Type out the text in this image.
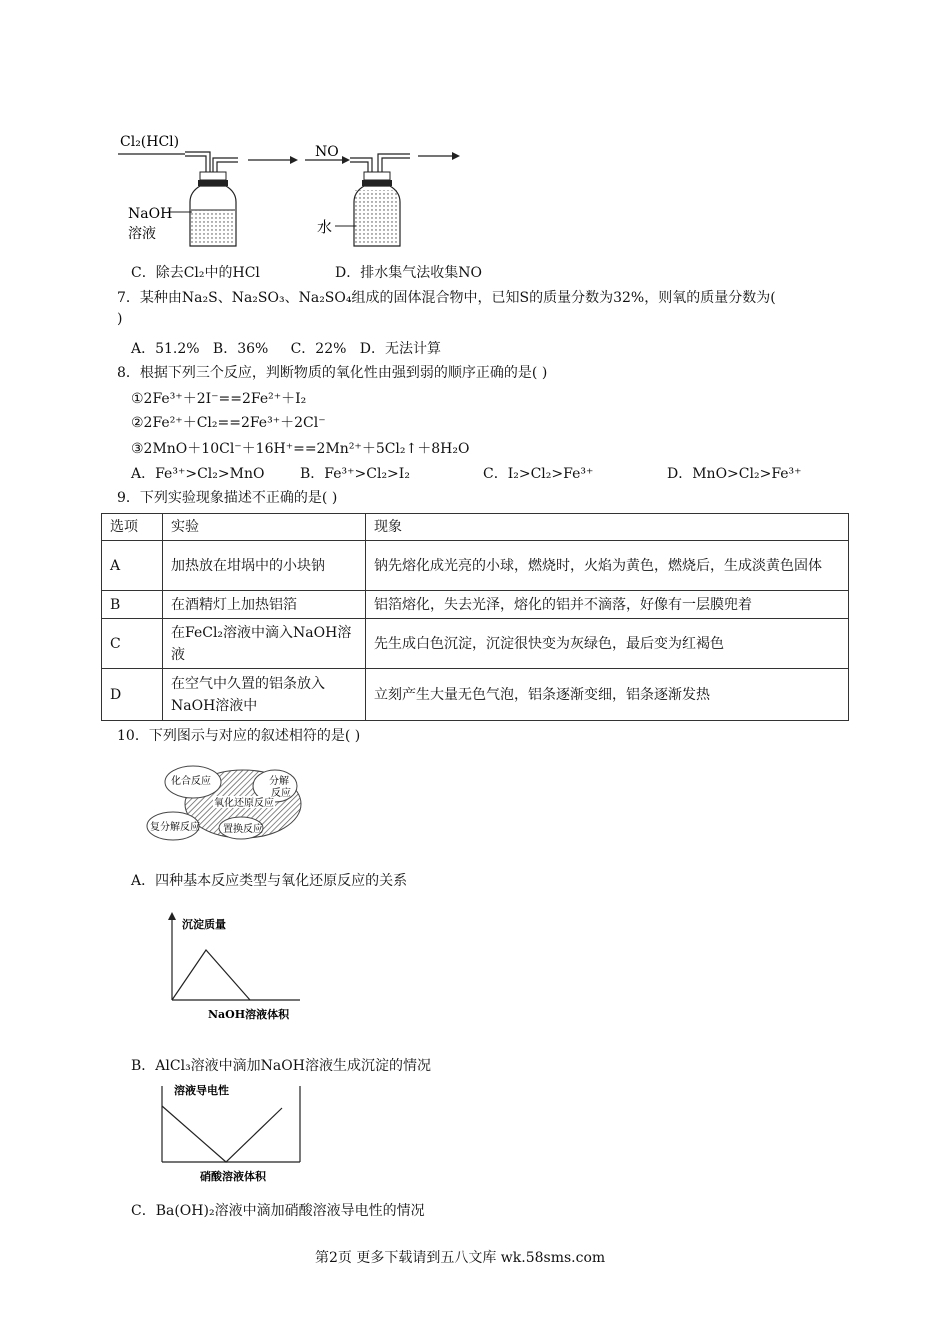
Cl₂(HCl)
NaOH
溶液
NO
水
C．除去Cl₂中的HCl	D．排水集气法收集NO
7．某种由Na₂S、Na₂SO₃、Na₂SO₄组成的固体混合物中，已知S的质量分数为32%，则氧的质量分数为(
)
A．51.2%   B．36%     C．22%   D．无法计算
8．根据下列三个反应，判断物质的氧化性由强到弱的顺序正确的是( )
①2Fe³⁺＋2I⁻==2Fe²⁺＋I₂
②2Fe²⁺＋Cl₂==2Fe³⁺＋2Cl⁻
③2MnO＋10Cl⁻＋16H⁺==2Mn²⁺＋5Cl₂↑＋8H₂O
A．Fe³⁺>Cl₂>MnO	B．Fe³⁺>Cl₂>I₂	C．I₂>Cl₂>Fe³⁺	D．MnO>Cl₂>Fe³⁺
9．下列实验现象描述不正确的是( )
选项	实验	现象
A	加热放在坩埚中的小块钠	钠先熔化成光亮的小球，燃烧时，火焰为黄色，燃烧后，生成淡黄色固体
B	在酒精灯上加热铝箔	铝箔熔化，失去光泽，熔化的铝并不滴落，好像有一层膜兜着
C	在FeCl₂溶液中滴入NaOH溶液	先生成白色沉淀，沉淀很快变为灰绿色，最后变为红褐色
D	在空气中久置的铝条放入NaOH溶液中	立刻产生大量无色气泡，铝条逐渐变细，铝条逐渐发热
10．下列图示与对应的叙述相符的是( )
化合反应	分解
反应
氧化还原反应
复分解反应 置换反应
A．四种基本反应类型与氧化还原反应的关系
沉淀质量
NaOH溶液体积
B．AlCl₃溶液中滴加NaOH溶液生成沉淀的情况
溶液导电性
硝酸溶液体积
C．Ba(OH)₂溶液中滴加硝酸溶液导电性的情况
第2页 更多下载请到五八文库 wk.58sms.com
